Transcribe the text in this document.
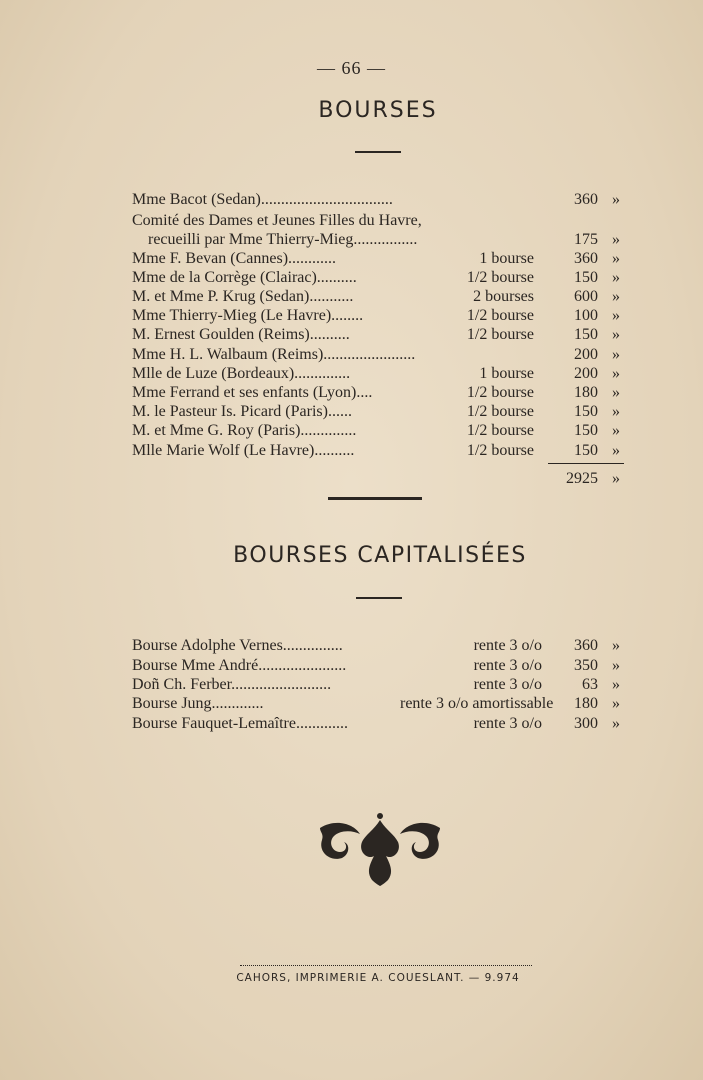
— 66 —
BOURSES
Mme Bacot (Sedan).................................	360 »
Comité des Dames et Jeunes Filles du Havre,
recueilli par Mme Thierry-Mieg................	175 »
Mme F. Bevan (Cannes)............	1 bourse	360 »
Mme de la Corrège (Clairac)..........	1/2 bourse	150 »
M. et Mme P. Krug (Sedan)...........	2 bourses	600 »
Mme Thierry-Mieg (Le Havre)........	1/2 bourse	100 »
M. Ernest Goulden (Reims)..........	1/2 bourse	150 »
Mme H. L. Walbaum (Reims).......................	200 »
Mlle de Luze (Bordeaux)..............	1 bourse	200 »
Mme Ferrand et ses enfants (Lyon)....	1/2 bourse	180 »
M. le Pasteur Is. Picard (Paris)......	1/2 bourse	150 »
M. et Mme G. Roy (Paris)..............	1/2 bourse	150 »
Mlle Marie Wolf (Le Havre)..........	1/2 bourse	150 »
2925 »
BOURSES CAPITALISÉES
Bourse Adolphe Vernes...............	rente 3 o/o	360 »
Bourse Mme André......................	rente 3 o/o	350 »
Doñ Ch. Ferber.........................	rente 3 o/o	63 »
Bourse Jung.............	rente 3 o/o amortissable	180 »
Bourse Fauquet-Lemaître.............	rente 3 o/o	300 »
CAHORS, IMPRIMERIE A. COUESLANT. — 9.974
